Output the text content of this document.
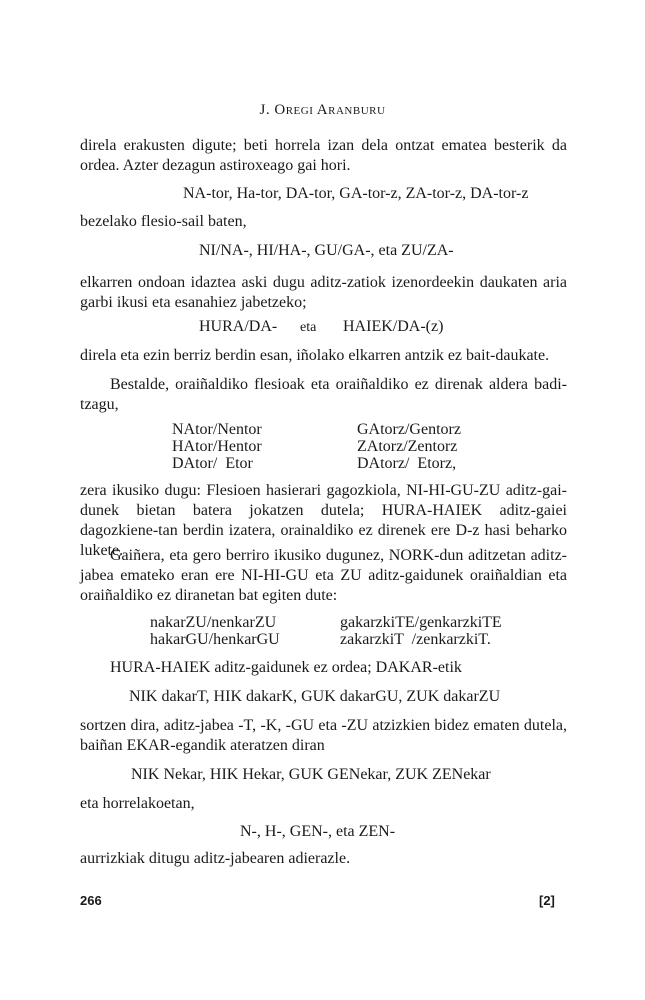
J. Oregi Aranburu
direla erakusten digute; beti horrela izan dela ontzat ematea besterik da ordea. Azter dezagun astiroxeago gai hori.
NA-tor, Ha-tor, DA-tor, GA-tor-z, ZA-tor-z, DA-tor-z
bezelako flesio-sail baten,
NI/NA-, HI/HA-, GU/GA-, eta ZU/ZA-
elkarren ondoan idaztea aski dugu aditz-zatiok izenordeekin daukaten aria garbi ikusi eta esanahiez jabetzeko;
HURA/DA- eta HAIEK/DA-(z)
direla eta ezin berriz berdin esan, iñolako elkarren antzik ez bait-daukate.
Bestalde, oraiñaldiko flesioak eta oraiñaldiko ez direnak aldera badi-tzagu,
NAtor/Nentor
HAtor/Hentor
DAtor/  Etor
GAtorz/Gentorz
ZAtorz/Zentorz
DAtorz/  Etorz,
zera ikusiko dugu: Flesioen hasierari gagozkiola, NI-HI-GU-ZU aditz-gai-dunek bietan batera jokatzen dutela; HURA-HAIEK aditz-gaiei dagozkiene-tan berdin izatera, orainaldiko ez direnek ere D-z hasi beharko lukete.
Gaiñera, eta gero berriro ikusiko dugunez, NORK-dun aditzetan aditz-jabea emateko eran ere NI-HI-GU eta ZU aditz-gaidunek oraiñaldian eta oraiñaldiko ez diranetan bat egiten dute:
nakarZU/nenkarZU
hakarGU/henkarGU
gakarzkiTE/genkarzkiTE
zakarzkiT  /zenkarzkiT.
HURA-HAIEK aditz-gaidunek ez ordea; DAKAR-etik
NIK dakarT, HIK dakarK, GUK dakarGU, ZUK dakarZU
sortzen dira, aditz-jabea -T, -K, -GU eta -ZU atzizkien bidez ematen dutela, baiñan EKAR-egandik ateratzen diran
NIK Nekar, HIK Hekar, GUK GENekar, ZUK ZENekar
eta horrelakoetan,
N-, H-, GEN-, eta ZEN-
aurrizkiak ditugu aditz-jabearen adierazle.
266	[2]
